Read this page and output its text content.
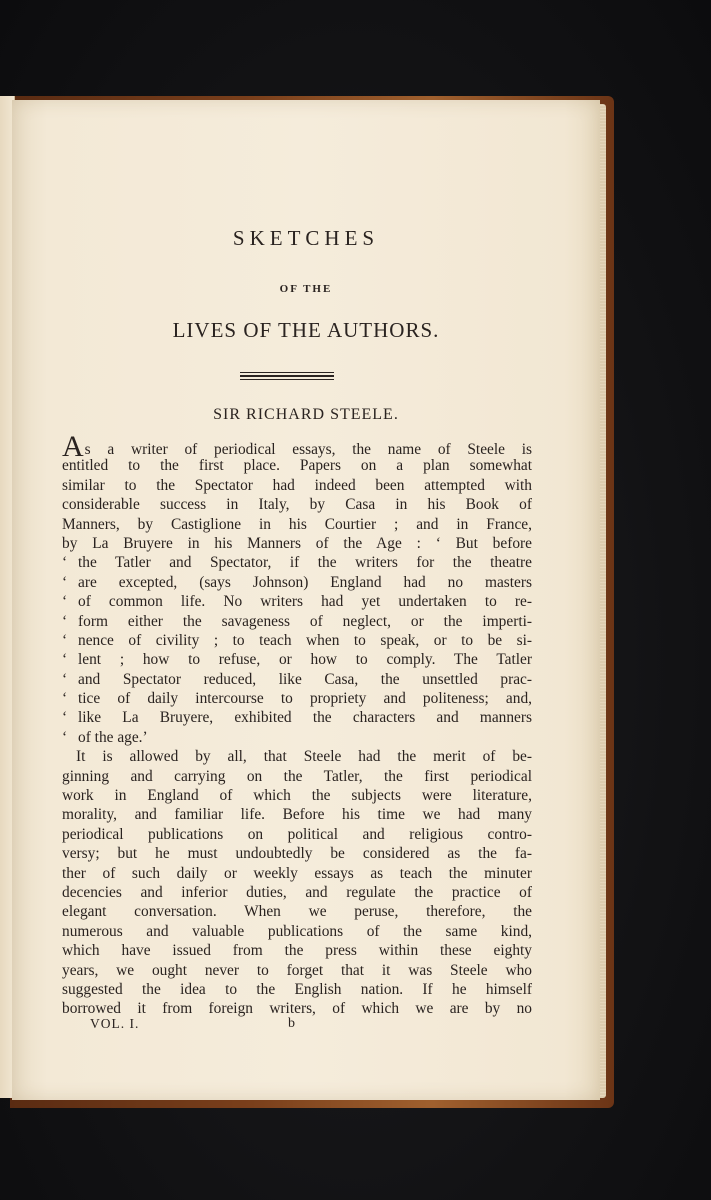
SKETCHES
OF THE
LIVES OF THE AUTHORS.
SIR RICHARD STEELE.
As a writer of periodical essays, the name of Steele is
entitled to the first place. Papers on a plan somewhat
similar to the Spectator had indeed been attempted with
considerable success in Italy, by Casa in his Book of
Manners, by Castiglione in his Courtier ; and in France,
by La Bruyere in his Manners of the Age : ‘ But before
‘ the Tatler and Spectator, if the writers for the theatre
‘ are excepted, (says Johnson) England had no masters
‘ of common life. No writers had yet undertaken to re-
‘ form either the savageness of neglect, or the imperti-
‘ nence of civility ; to teach when to speak, or to be si-
‘ lent ; how to refuse, or how to comply. The Tatler
‘ and Spectator reduced, like Casa, the unsettled prac-
‘ tice of daily intercourse to propriety and politeness; and,
‘ like La Bruyere, exhibited the characters and manners
‘ of the age.’
It is allowed by all, that Steele had the merit of be-
ginning and carrying on the Tatler, the first periodical
work in England of which the subjects were literature,
morality, and familiar life. Before his time we had many
periodical publications on political and religious contro-
versy; but he must undoubtedly be considered as the fa-
ther of such daily or weekly essays as teach the minuter
decencies and inferior duties, and regulate the practice of
elegant conversation. When we peruse, therefore, the
numerous and valuable publications of the same kind,
which have issued from the press within these eighty
years, we ought never to forget that it was Steele who
suggested the idea to the English nation. If he himself
borrowed it from foreign writers, of which we are by no
VOL. I.	b
